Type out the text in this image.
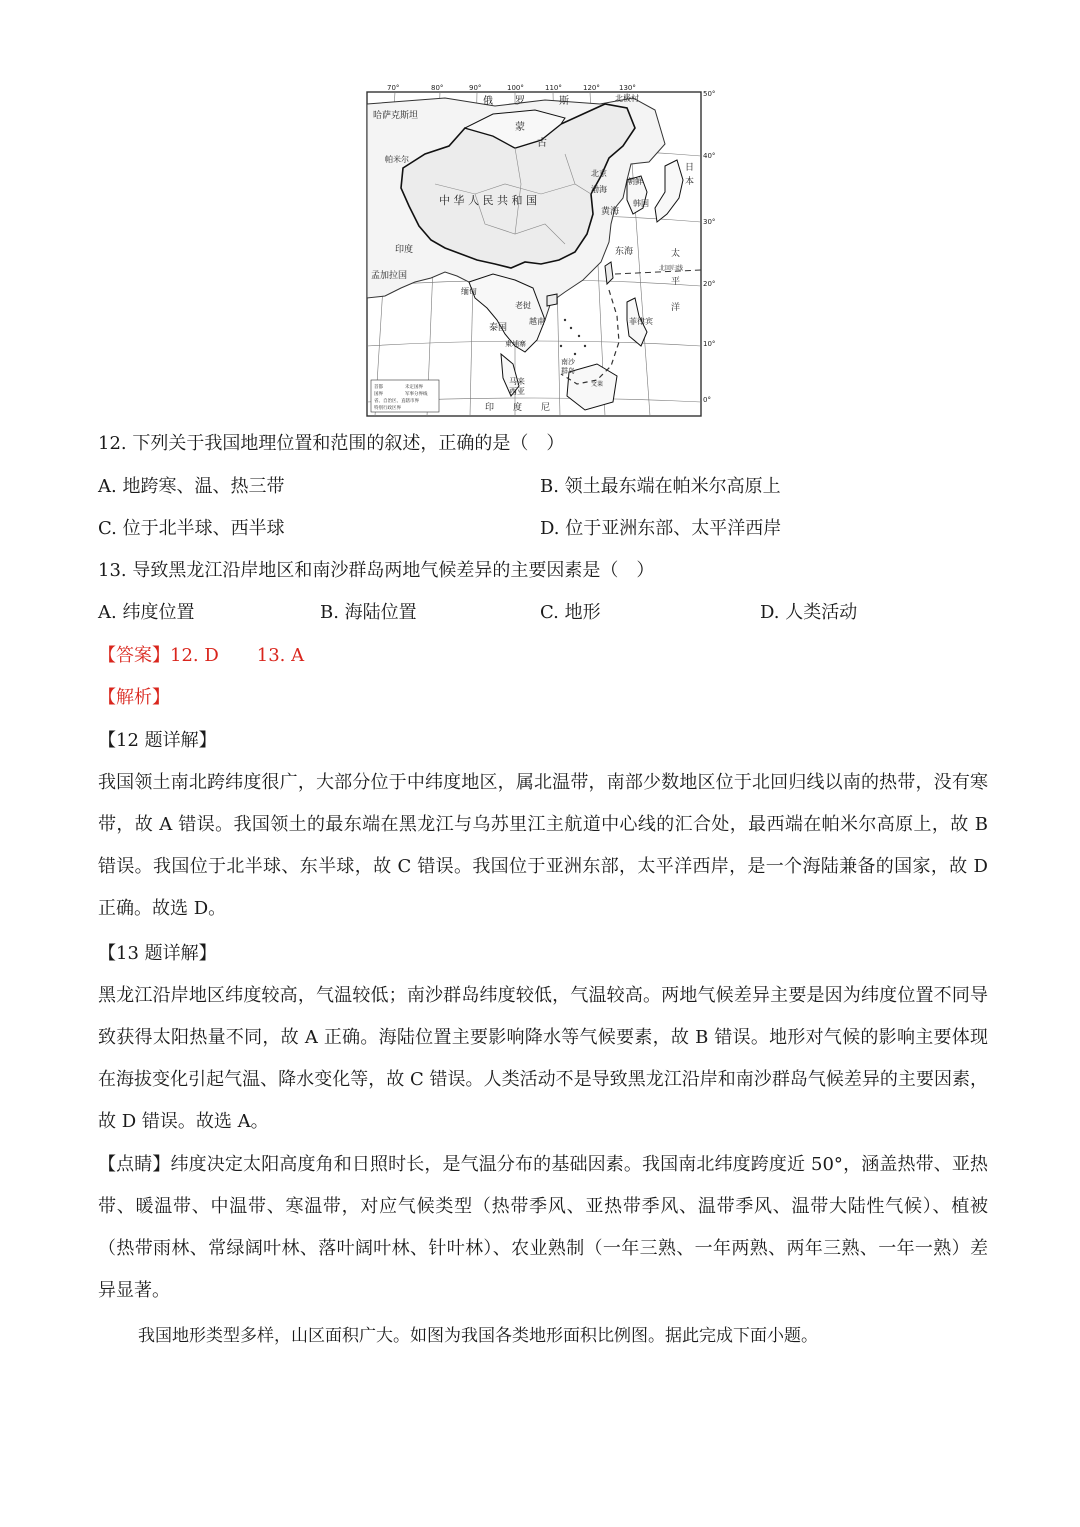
70°	80°	90°	100°	110°	120°	130°
50°
40°
30°
20°
10°
0°
俄 罗	斯	北极村
哈萨克斯坦
蒙
古
帕米尔
中 华 人 民 共 和 国
北京
渤海
黄海
东海
朝鲜
韩国
日
本
太
平
洋
北回归线
印度
孟加拉国
缅甸
老挝
越南
泰国
柬埔寨
菲律宾
南沙
群岛
马来
西亚
文莱
印 度 尼
首都	未定国界
国界	军事分界线
省、自治区、直辖市界
特别行政区界
12. 下列关于我国地理位置和范围的叙述，正确的是（　）
A. 地跨寒、温、热三带	B. 领土最东端在帕米尔高原上
C. 位于北半球、西半球	D. 位于亚洲东部、太平洋西岸
13. 导致黑龙江沿岸地区和南沙群岛两地气候差异的主要因素是（　）
A. 纬度位置	B. 海陆位置	C. 地形	D. 人类活动
【答案】12. D 13. A
【解析】
【12 题详解】
我国领土南北跨纬度很广，大部分位于中纬度地区，属北温带，南部少数地区位于北回归线以南的热带，没有寒带，故 A 错误。我国领土的最东端在黑龙江与乌苏里江主航道中心线的汇合处，最西端在帕米尔高原上，故 B 错误。我国位于北半球、东半球，故 C 错误。我国位于亚洲东部，太平洋西岸，是一个海陆兼备的国家，故 D 正确。故选 D。
【13 题详解】
黑龙江沿岸地区纬度较高，气温较低；南沙群岛纬度较低，气温较高。两地气候差异主要是因为纬度位置不同导致获得太阳热量不同，故 A 正确。海陆位置主要影响降水等气候要素，故 B 错误。地形对气候的影响主要体现在海拔变化引起气温、降水变化等，故 C 错误。人类活动不是导致黑龙江沿岸和南沙群岛气候差异的主要因素，故 D 错误。故选 A。
【点睛】纬度决定太阳高度角和日照时长，是气温分布的基础因素。我国南北纬度跨度近 50°，涵盖热带、亚热带、暖温带、中温带、寒温带，对应气候类型（热带季风、亚热带季风、温带季风、温带大陆性气候）、植被（热带雨林、常绿阔叶林、落叶阔叶林、针叶林）、农业熟制（一年三熟、一年两熟、两年三熟、一年一熟）差异显著。
我国地形类型多样，山区面积广大。如图为我国各类地形面积比例图。据此完成下面小题。
